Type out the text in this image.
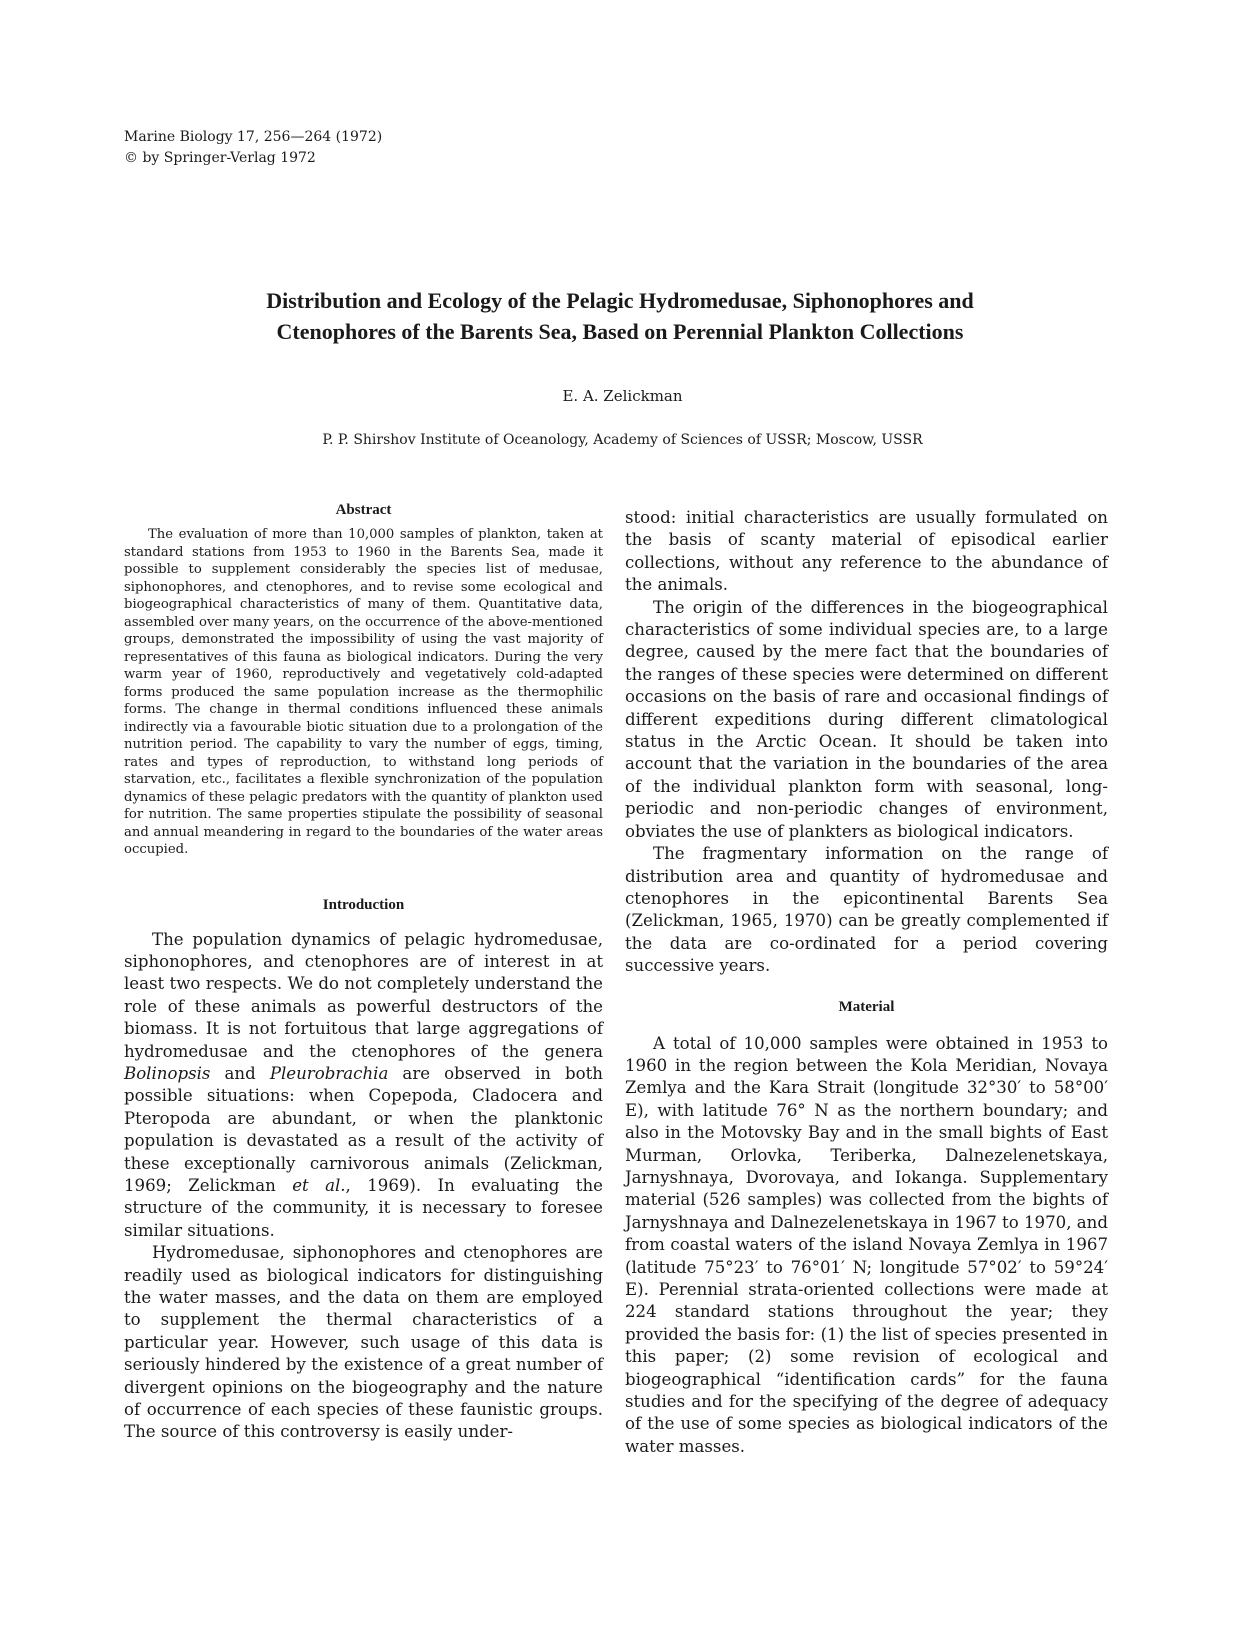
Marine Biology 17, 256—264 (1972)
© by Springer-Verlag 1972
Distribution and Ecology of the Pelagic Hydromedusae, Siphonophores and
Ctenophores of the Barents Sea, Based on Perennial Plankton Collections
E. A. Zelickman
P. P. Shirshov Institute of Oceanology, Academy of Sciences of USSR; Moscow, USSR
Abstract

The evaluation of more than 10,000 samples of plankton, taken at standard stations from 1953 to 1960 in the Barents Sea, made it possible to supplement considerably the species list of medusae, siphonophores, and ctenophores, and to revise some ecological and biogeographical characteristics of many of them. Quantitative data, assembled over many years, on the occurrence of the above-mentioned groups, demonstrated the impossibility of using the vast majority of representatives of this fauna as biological indicators. During the very warm year of 1960, reproductively and vegetatively cold-adapted forms produced the same population increase as the thermophilic forms. The change in thermal conditions influenced these animals indirectly via a favourable biotic situation due to a prolongation of the nutrition period. The capability to vary the number of eggs, timing, rates and types of reproduction, to withstand long periods of starvation, etc., facilitates a flexible synchronization of the population dynamics of these pelagic predators with the quantity of plankton used for nutrition. The same properties stipulate the possibility of seasonal and annual meandering in regard to the boundaries of the water areas occupied.

Introduction

The population dynamics of pelagic hydromedusae, siphonophores, and ctenophores are of interest in at least two respects. We do not completely understand the role of these animals as powerful destructors of the biomass. It is not fortuitous that large aggregations of hydromedusae and the ctenophores of the genera Bolinopsis and Pleurobrachia are observed in both possible situations: when Copepoda, Cladocera and Pteropoda are abundant, or when the planktonic population is devastated as a result of the activity of these exceptionally carnivorous animals (Zelickman, 1969; Zelickman et al., 1969). In evaluating the structure of the community, it is necessary to foresee similar situations.

Hydromedusae, siphonophores and ctenophores are readily used as biological indicators for distinguishing the water masses, and the data on them are employed to supplement the thermal characteristics of a particular year. However, such usage of this data is seriously hindered by the existence of a great number of divergent opinions on the biogeography and the nature of occurrence of each species of these faunistic groups. The source of this controversy is easily under-

stood: initial characteristics are usually formulated on the basis of scanty material of episodical earlier collections, without any reference to the abundance of the animals.

The origin of the differences in the biogeographical characteristics of some individual species are, to a large degree, caused by the mere fact that the boundaries of the ranges of these species were determined on different occasions on the basis of rare and occasional findings of different expeditions during different climatological status in the Arctic Ocean. It should be taken into account that the variation in the boundaries of the area of the individual plankton form with seasonal, long-periodic and non-periodic changes of environment, obviates the use of plankters as biological indicators.

The fragmentary information on the range of distribution area and quantity of hydromedusae and ctenophores in the epicontinental Barents Sea (Zelickman, 1965, 1970) can be greatly complemented if the data are co-ordinated for a period covering successive years.

Material

A total of 10,000 samples were obtained in 1953 to 1960 in the region between the Kola Meridian, Novaya Zemlya and the Kara Strait (longitude 32°30′ to 58°00′ E), with latitude 76° N as the northern boundary; and also in the Motovsky Bay and in the small bights of East Murman, Orlovka, Teriberka, Dalnezelenetskaya, Jarnyshnaya, Dvorovaya, and Iokanga. Supplementary material (526 samples) was collected from the bights of Jarnyshnaya and Dalnezelenetskaya in 1967 to 1970, and from coastal waters of the island Novaya Zemlya in 1967 (latitude 75°23′ to 76°01′ N; longitude 57°02′ to 59°24′ E). Perennial strata-oriented collections were made at 224 standard stations throughout the year; they provided the basis for: (1) the list of species presented in this paper; (2) some revision of ecological and biogeographical “identification cards” for the fauna studies and for the specifying of the degree of adequacy of the use of some species as biological indicators of the water masses.
